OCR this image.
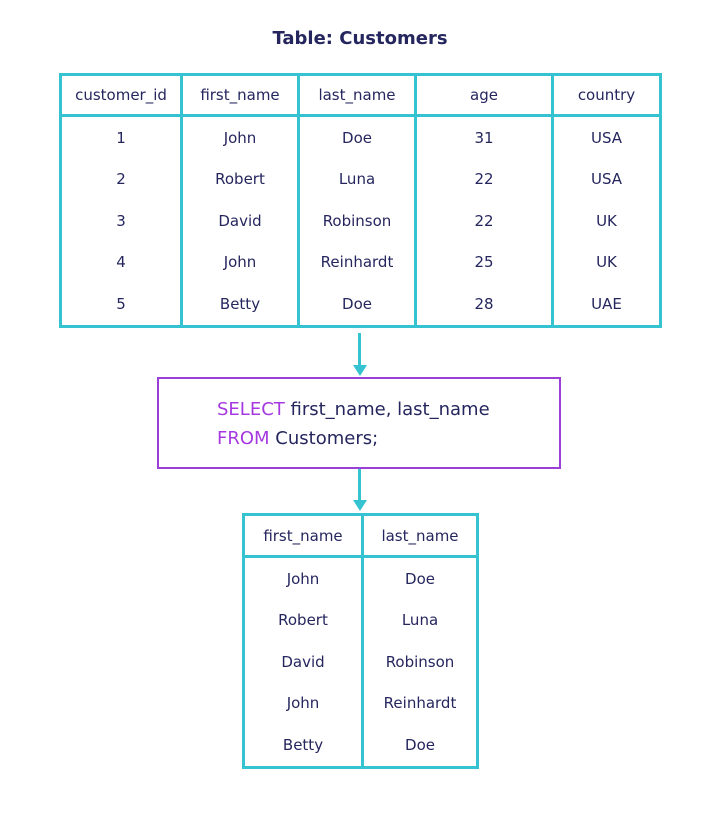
Table: Customers
customer_id	first_name	last_name	age	country
1	John	Doe	31	USA
2	Robert	Luna	22	USA
3	David	Robinson	22	UK
4	John	Reinhardt	25	UK
5	Betty	Doe	28	UAE
SELECT first_name, last_name
FROM Customers;
first_name	last_name
John	Doe
Robert	Luna
David	Robinson
John	Reinhardt
Betty	Doe
